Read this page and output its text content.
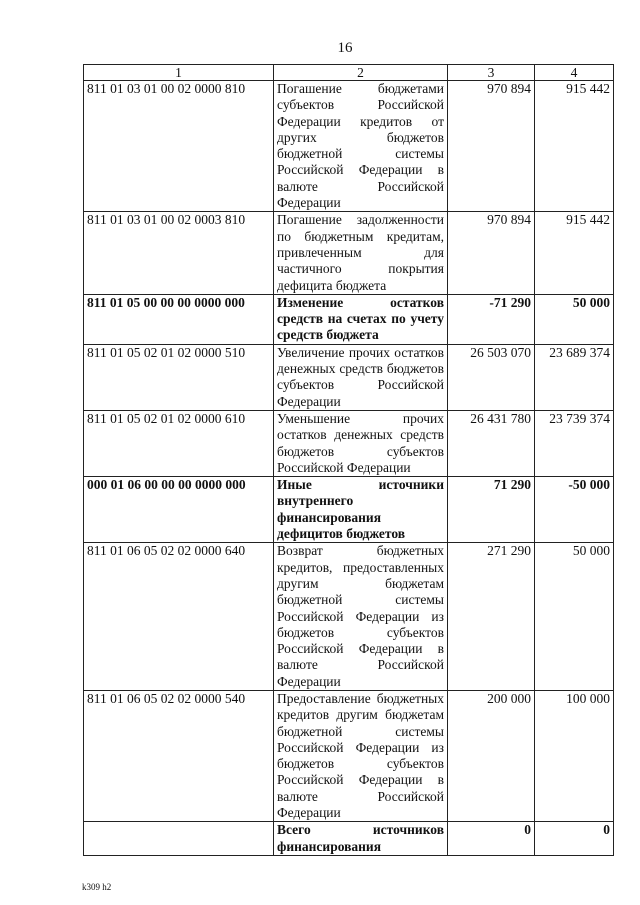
16
1	2	3	4
811 01 03 01 00 02 0000 810	Погашение бюджетами субъектов Российской Федерации кредитов от других бюджетов бюджетной системы Российской Федерации в валюте Российской Федерации	970 894	915 442
811 01 03 01 00 02 0003 810	Погашение задолженности по бюджетным кредитам, привлеченным для частичного покрытия дефицита бюджета	970 894	915 442
811 01 05 00 00 00 0000 000	Изменение остатков средств на счетах по учету средств бюджета	-71 290	50 000
811 01 05 02 01 02 0000 510	Увеличение прочих остатков денежных средств бюджетов субъектов Российской Федерации	26 503 070	23 689 374
811 01 05 02 01 02 0000 610	Уменьшение прочих остатков денежных средств бюджетов субъектов Российской Федерации	26 431 780	23 739 374
000 01 06 00 00 00 0000 000	Иные источники внутреннего финансирования дефицитов бюджетов	71 290	-50 000
811 01 06 05 02 02 0000 640	Возврат бюджетных кредитов, предоставленных другим бюджетам бюджетной системы Российской Федерации из бюджетов субъектов Российской Федерации в валюте Российской Федерации	271 290	50 000
811 01 06 05 02 02 0000 540	Предоставление бюджетных кредитов другим бюджетам бюджетной системы Российской Федерации из бюджетов субъектов Российской Федерации в валюте Российской Федерации	200 000	100 000
	Всего источников финансирования	0	0
k309 h2
